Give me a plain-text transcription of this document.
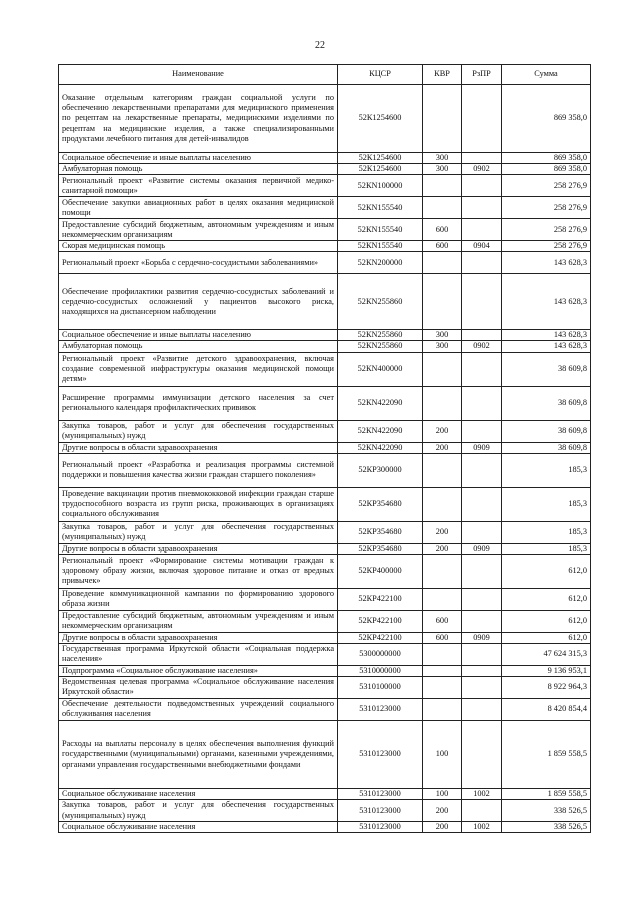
22
Наименование	КЦСР	КВР	РзПР	Сумма
Оказание отдельным категориям граждан социальной услуги по обеспечению лекарственными препаратами для медицинского применения по рецептам на лекарственные препараты, медицинскими изделиями по рецептам на медицинские изделия, а также специализированными продуктами лечебного питания для детей-инвалидов	52К1254600			869 358,0
Социальное обеспечение и иные выплаты населению	52К1254600	300		869 358,0
Амбулаторная помощь	52К1254600	300	0902	869 358,0
Региональный проект «Развитие системы оказания первичной медико-санитарной помощи»	52КN100000			258 276,9
Обеспечение закупки авиационных работ в целях оказания медицинской помощи	52КN155540			258 276,9
Предоставление субсидий бюджетным, автономным учреждениям и иным некоммерческим организациям	52КN155540	600		258 276,9
Скорая медицинская помощь	52КN155540	600	0904	258 276,9
Региональный проект «Борьба с сердечно-сосудистыми заболеваниями»	52КN200000			143 628,3
Обеспечение профилактики развития сердечно-сосудистых заболеваний и сердечно-сосудистых осложнений у пациентов высокого риска, находящихся на диспансерном наблюдении	52КN255860			143 628,3
Социальное обеспечение и иные выплаты населению	52КN255860	300		143 628,3
Амбулаторная помощь	52КN255860	300	0902	143 628,3
Региональный проект «Развитие детского здравоохранения, включая создание современной инфраструктуры оказания медицинской помощи детям»	52КN400000			38 609,8
Расширение программы иммунизации детского населения за счет регионального календаря профилактических прививок	52КN422090			38 609,8
Закупка товаров, работ и услуг для обеспечения государственных (муниципальных) нужд	52КN422090	200		38 609,8
Другие вопросы в области здравоохранения	52КN422090	200	0909	38 609,8
Региональный проект «Разработка и реализация программы системной поддержки и повышения качества жизни граждан старшего поколения»	52КР300000			185,3
Проведение вакцинации против пневмококковой инфекции граждан старше трудоспособного возраста из групп риска, проживающих в организациях социального обслуживания	52КР354680			185,3
Закупка товаров, работ и услуг для обеспечения государственных (муниципальных) нужд	52КР354680	200		185,3
Другие вопросы в области здравоохранения	52КР354680	200	0909	185,3
Региональный проект «Формирование системы мотивации граждан к здоровому образу жизни, включая здоровое питание и отказ от вредных привычек»	52КР400000			612,0
Проведение коммуникационной кампании по формированию здорового образа жизни	52КР422100			612,0
Предоставление субсидий бюджетным, автономным учреждениям и иным некоммерческим организациям	52КР422100	600		612,0
Другие вопросы в области здравоохранения	52КР422100	600	0909	612,0
Государственная программа Иркутской области «Социальная поддержка населения»	5300000000			47 624 315,3
Подпрограмма «Социальное обслуживание населения»	5310000000			9 136 953,1
Ведомственная целевая программа «Социальное обслуживание населения Иркутской области»	5310100000			8 922 964,3
Обеспечение деятельности подведомственных учреждений социального обслуживания населения	5310123000			8 420 854,4
Расходы на выплаты персоналу в целях обеспечения выполнения функций государственными (муниципальными) органами, казенными учреждениями, органами управления государственными внебюджетными фондами	5310123000	100		1 859 558,5
Социальное обслуживание населения	5310123000	100	1002	1 859 558,5
Закупка товаров, работ и услуг для обеспечения государственных (муниципальных) нужд	5310123000	200		338 526,5
Социальное обслуживание населения	5310123000	200	1002	338 526,5
